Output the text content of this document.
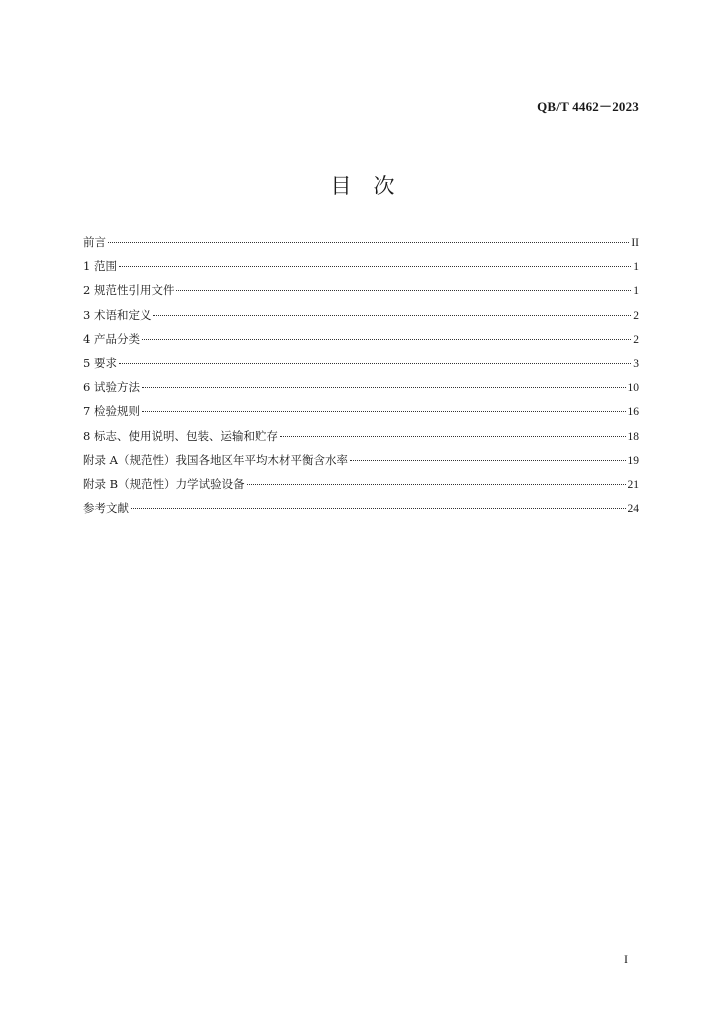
QB/T 4462－2023
目次
前言	II
1 范围	1
2 规范性引用文件	1
3 术语和定义	2
4 产品分类	2
5 要求	3
6 试验方法	10
7 检验规则	16
8 标志、使用说明、包装、运输和贮存	18
附录 A（规范性）我国各地区年平均木材平衡含水率	19
附录 B（规范性）力学试验设备	21
参考文献	24
I
